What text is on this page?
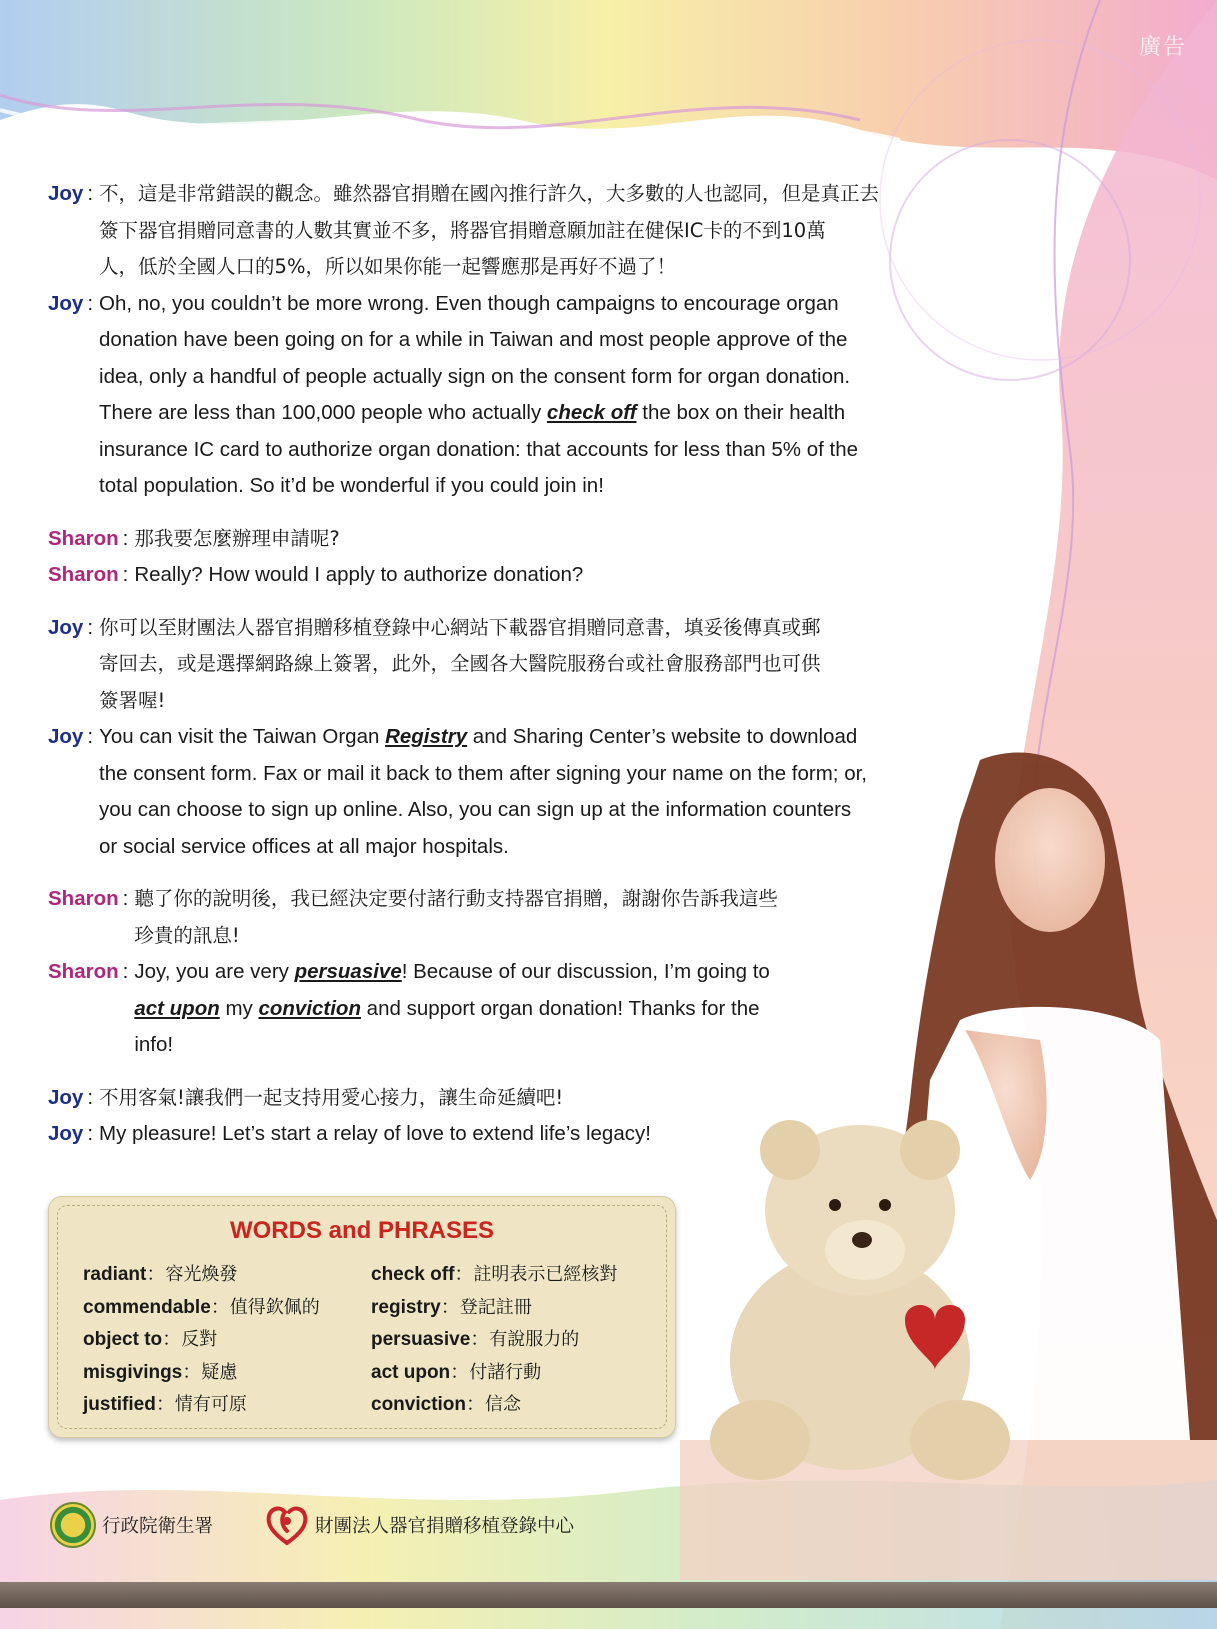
廣告
Joy : 不，這是非常錯誤的觀念。雖然器官捐贈在國內推行許久，大多數的人也認同，但是真正去
簽下器官捐贈同意書的人數其實並不多，將器官捐贈意願加註在健保IC卡的不到10萬
人，低於全國人口的5%，所以如果你能一起響應那是再好不過了！
Joy : Oh, no, you couldn’t be more wrong. Even though campaigns to encourage organ
donation have been going on for a while in Taiwan and most people approve of the
idea, only a handful of people actually sign on the consent form for organ donation.
There are less than 100,000 people who actually check off the box on their health
insurance IC card to authorize organ donation: that accounts for less than 5% of the
total population. So it’d be wonderful if you could join in!
Sharon : 那我要怎麼辦理申請呢?
Sharon : Really? How would I apply to authorize donation?
Joy : 你可以至財團法人器官捐贈移植登錄中心網站下載器官捐贈同意書，填妥後傳真或郵
寄回去，或是選擇網路線上簽署，此外，全國各大醫院服務台或社會服務部門也可供
簽署喔!
Joy : You can visit the Taiwan Organ Registry and Sharing Center’s website to download
the consent form. Fax or mail it back to them after signing your name on the form; or,
you can choose to sign up online. Also, you can sign up at the information counters
or social service offices at all major hospitals.
Sharon : 聽了你的說明後，我已經決定要付諸行動支持器官捐贈，謝謝你告訴我這些
珍貴的訊息!
Sharon : Joy, you are very persuasive! Because of our discussion, I’m going to
act upon my conviction and support organ donation! Thanks for the
info!
Joy : 不用客氣!讓我們一起支持用愛心接力，讓生命延續吧!
Joy : My pleasure! Let’s start a relay of love to extend life’s legacy!
WORDS and PHRASES
radiant：容光煥發
commendable：值得欽佩的
object to：反對
misgivings：疑慮
justified：情有可原
check off：註明表示已經核對
registry：登記註冊
persuasive：有說服力的
act upon：付諸行動
conviction：信念
行政院衛生署	財團法人器官捐贈移植登錄中心
